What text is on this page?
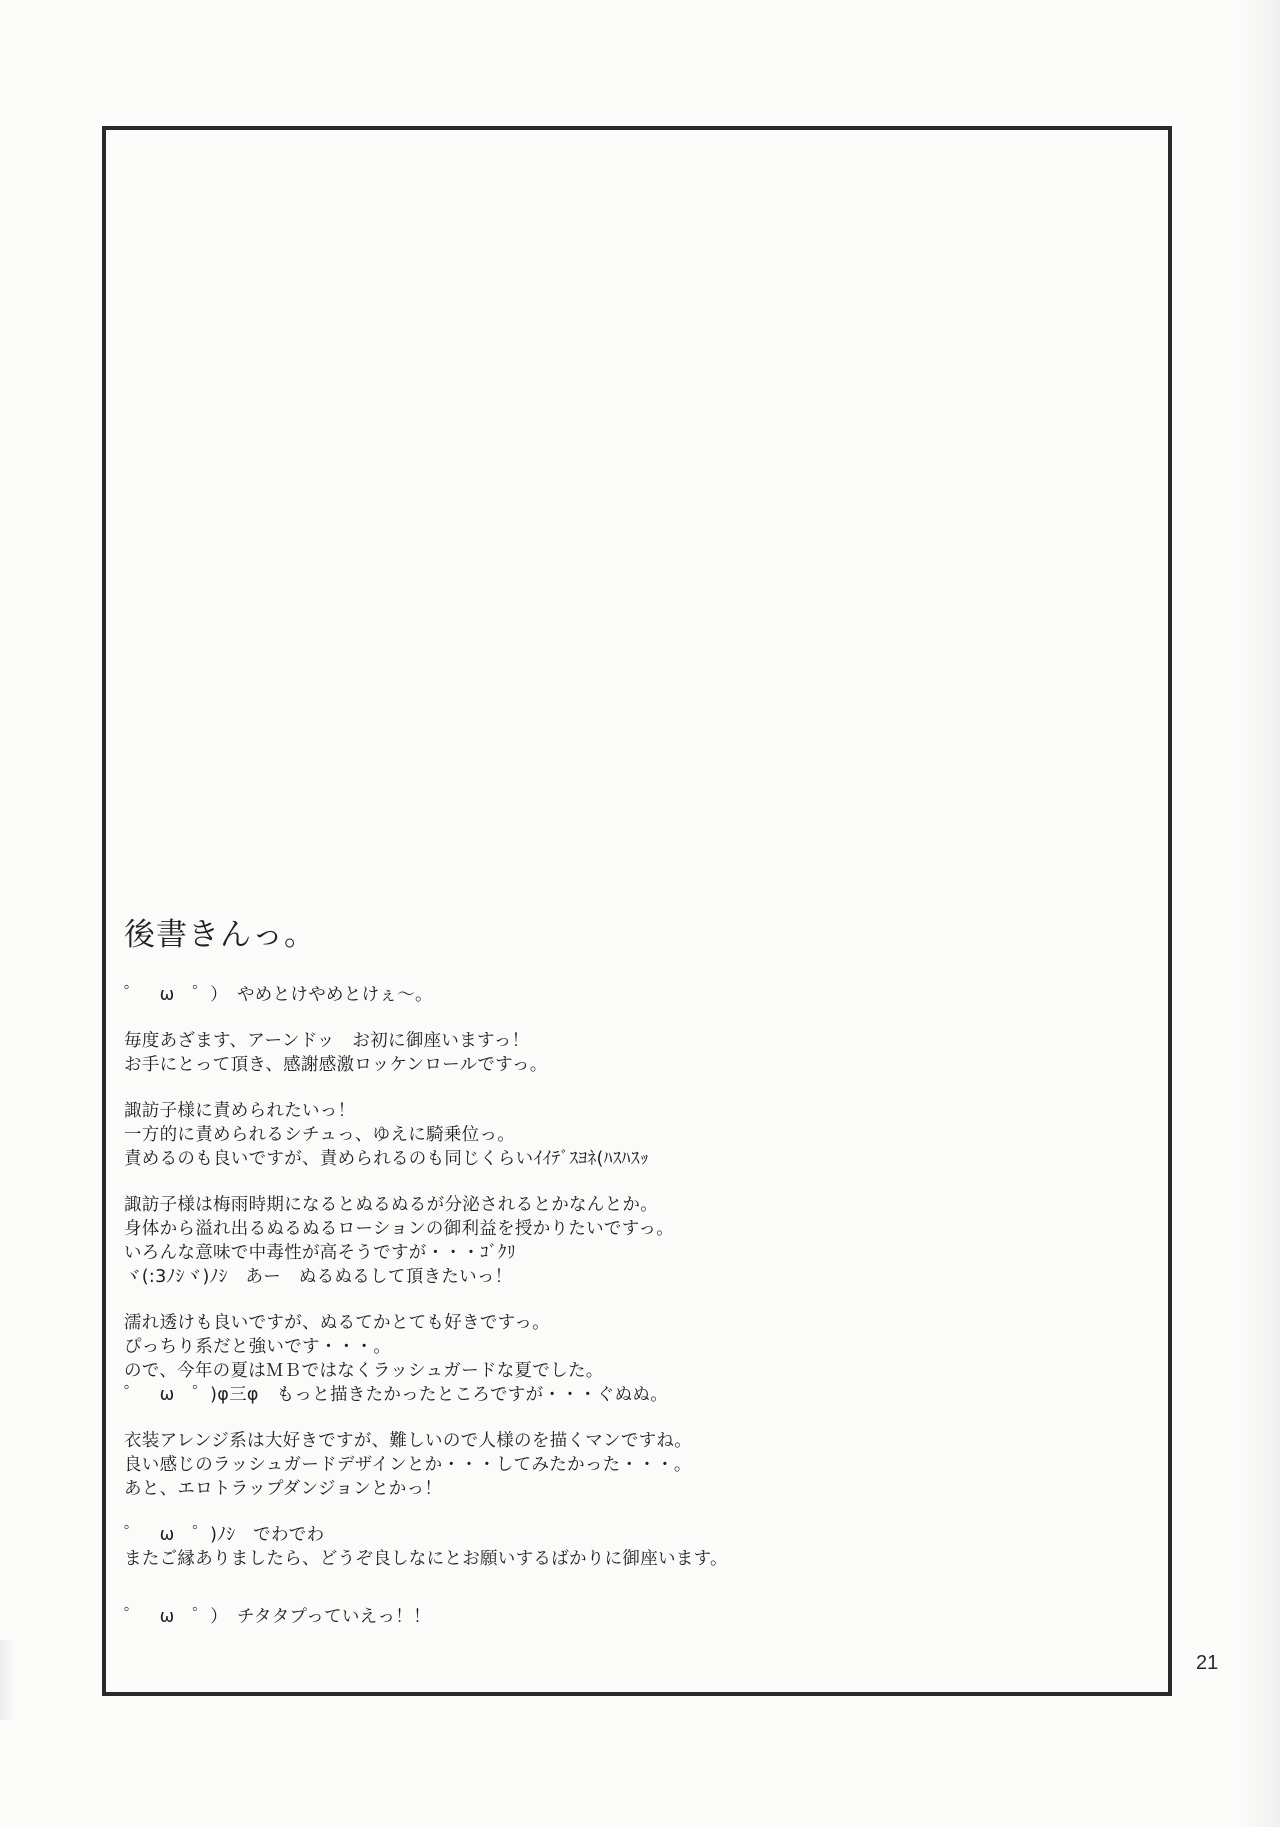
後書きんっ。
゜　ω　゜）　やめとけやめとけぇ～。
毎度あざます、アーンドッ　お初に御座いますっ！
お手にとって頂き、感謝感激ロッケンロールですっ。
諏訪子様に責められたいっ！
一方的に責められるシチュっ、ゆえに騎乗位っ。
責めるのも良いですが、責められるのも同じくらいｲｲﾃﾞｽﾖﾈ(ﾊｽﾊｽｯ
諏訪子様は梅雨時期になるとぬるぬるが分泌されるとかなんとか。
身体から溢れ出るぬるぬるローションの御利益を授かりたいですっ。
いろんな意味で中毒性が高そうですが・・・ｺﾞｸﾘ
ヾ(:3ﾉｼヾ)ﾉｼ　あー　ぬるぬるして頂きたいっ！
濡れ透けも良いですが、ぬるてかとても好きですっ。
ぴっちり系だと強いです・・・。
ので、今年の夏はＭＢではなくラッシュガードな夏でした。
゜　ω　゜)φ三φ　もっと描きたかったところですが・・・ぐぬぬ。
衣装アレンジ系は大好きですが、難しいので人様のを描くマンですね。
良い感じのラッシュガードデザインとか・・・してみたかった・・・。
あと、エロトラップダンジョンとかっ！
゜　ω　゜)ﾉｼ　でわでわ
またご縁ありましたら、どうぞ良しなにとお願いするばかりに御座います。
゜　ω　゜）　チタタプっていえっ！！
21
